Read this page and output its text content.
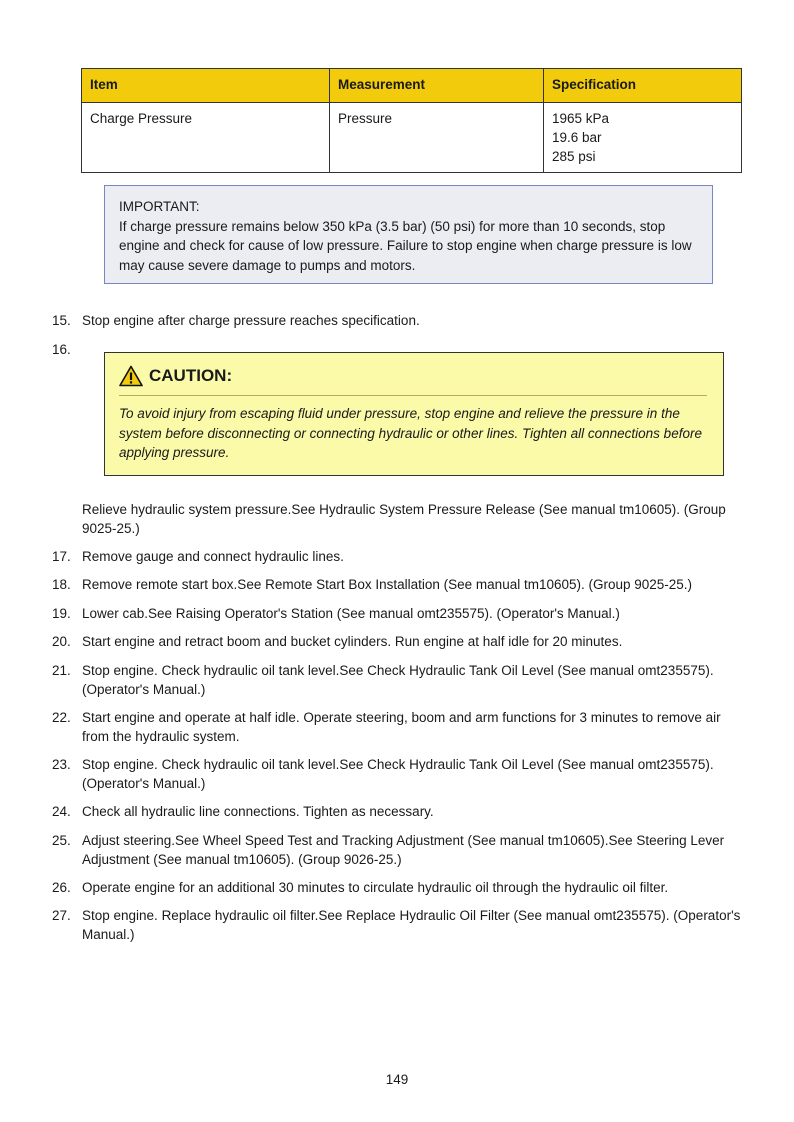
Item	Measurement	Specification
Charge Pressure	Pressure	1965 kPa
19.6 bar
285 psi
IMPORTANT:
If charge pressure remains below 350 kPa (3.5 bar) (50 psi) for more than 10 seconds, stop engine and check for cause of low pressure. Failure to stop engine when charge pressure is low may cause severe damage to pumps and motors.
15. Stop engine after charge pressure reaches specification.
16.
CAUTION:
To avoid injury from escaping fluid under pressure, stop engine and relieve the pressure in the system before disconnecting or connecting hydraulic or other lines. Tighten all connections before applying pressure.
Relieve hydraulic system pressure.See Hydraulic System Pressure Release (See manual tm10605). (Group 9025-25.)
17. Remove gauge and connect hydraulic lines.
18. Remove remote start box.See Remote Start Box Installation (See manual tm10605). (Group 9025-25.)
19. Lower cab.See Raising Operator's Station (See manual omt235575). (Operator's Manual.)
20. Start engine and retract boom and bucket cylinders. Run engine at half idle for 20 minutes.
21. Stop engine. Check hydraulic oil tank level.See Check Hydraulic Tank Oil Level (See manual omt235575). (Operator's Manual.)
22. Start engine and operate at half idle. Operate steering, boom and arm functions for 3 minutes to remove air from the hydraulic system.
23. Stop engine. Check hydraulic oil tank level.See Check Hydraulic Tank Oil Level (See manual omt235575). (Operator's Manual.)
24. Check all hydraulic line connections. Tighten as necessary.
25. Adjust steering.See Wheel Speed Test and Tracking Adjustment (See manual tm10605).See Steering Lever Adjustment (See manual tm10605). (Group 9026-25.)
26. Operate engine for an additional 30 minutes to circulate hydraulic oil through the hydraulic oil filter.
27. Stop engine. Replace hydraulic oil filter.See Replace Hydraulic Oil Filter (See manual omt235575). (Operator's Manual.)
149
